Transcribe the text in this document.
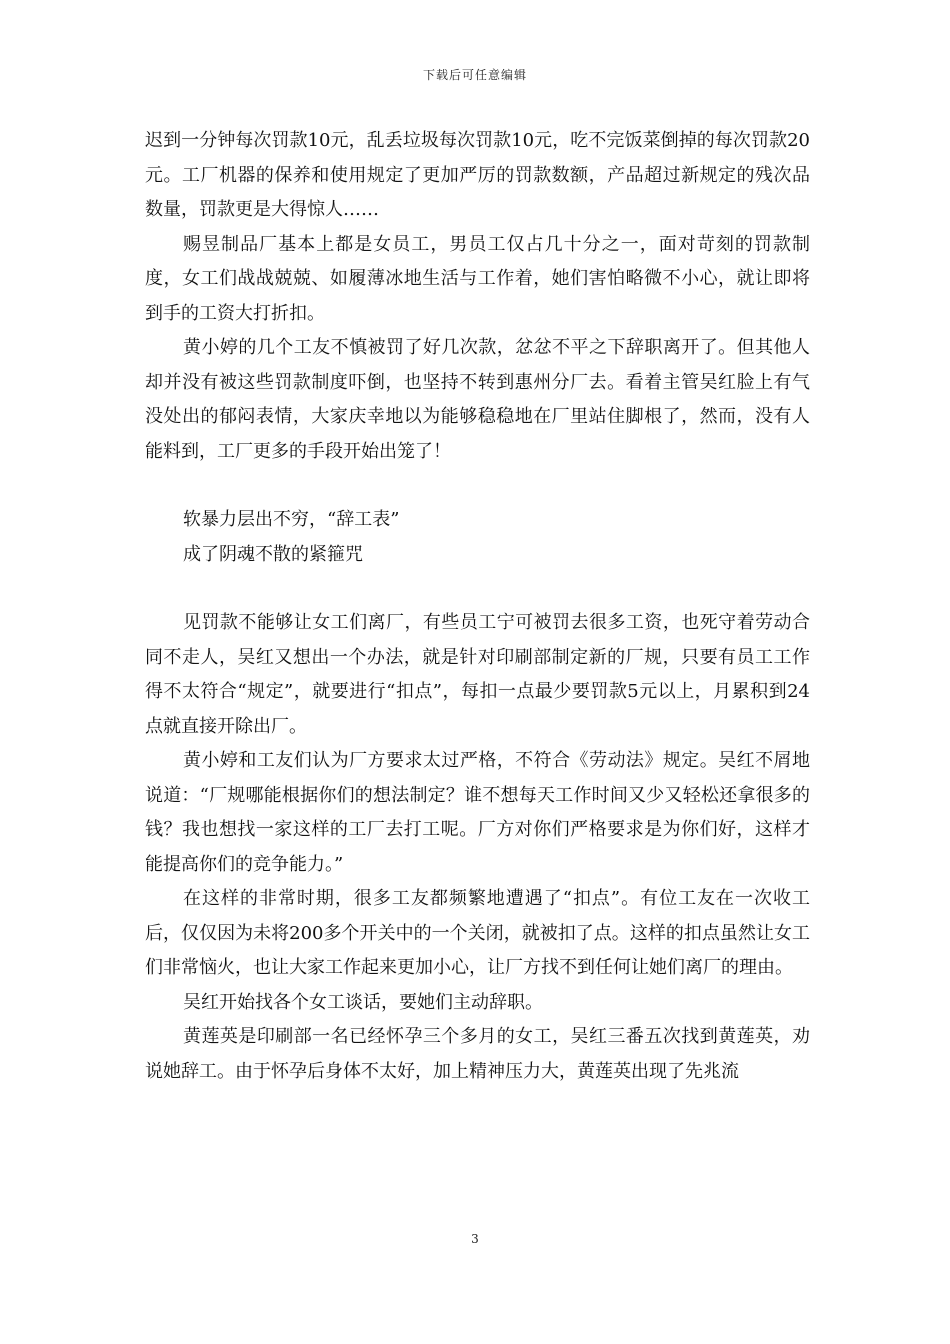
下载后可任意编辑

迟到一分钟每次罚款10元，乱丢垃圾每次罚款10元，吃不完饭菜倒掉的每次罚款20元。工厂机器的保养和使用规定了更加严厉的罚款数额，产品超过新规定的残次品数量，罚款更是大得惊人……

赐昱制品厂基本上都是女员工，男员工仅占几十分之一，面对苛刻的罚款制度，女工们战战兢兢、如履薄冰地生活与工作着，她们害怕略微不小心，就让即将到手的工资大打折扣。

黄小婷的几个工友不慎被罚了好几次款，忿忿不平之下辞职离开了。但其他人却并没有被这些罚款制度吓倒，也坚持不转到惠州分厂去。看着主管吴红脸上有气没处出的郁闷表情，大家庆幸地以为能够稳稳地在厂里站住脚根了，然而，没有人能料到，工厂更多的手段开始出笼了！

软暴力层出不穷，“辞工表”

成了阴魂不散的紧箍咒

见罚款不能够让女工们离厂，有些员工宁可被罚去很多工资，也死守着劳动合同不走人，吴红又想出一个办法，就是针对印刷部制定新的厂规，只要有员工工作得不太符合“规定”，就要进行“扣点”，每扣一点最少要罚款5元以上，月累积到24点就直接开除出厂。

黄小婷和工友们认为厂方要求太过严格，不符合《劳动法》规定。吴红不屑地说道：“厂规哪能根据你们的想法制定？谁不想每天工作时间又少又轻松还拿很多的钱？我也想找一家这样的工厂去打工呢。厂方对你们严格要求是为你们好，这样才能提高你们的竞争能力。”

在这样的非常时期，很多工友都频繁地遭遇了“扣点”。有位工友在一次收工后，仅仅因为未将200多个开关中的一个关闭，就被扣了点。这样的扣点虽然让女工们非常恼火，也让大家工作起来更加小心，让厂方找不到任何让她们离厂的理由。

吴红开始找各个女工谈话，要她们主动辞职。

黄莲英是印刷部一名已经怀孕三个多月的女工，吴红三番五次找到黄莲英，劝说她辞工。由于怀孕后身体不太好，加上精神压力大，黄莲英出现了先兆流

3
